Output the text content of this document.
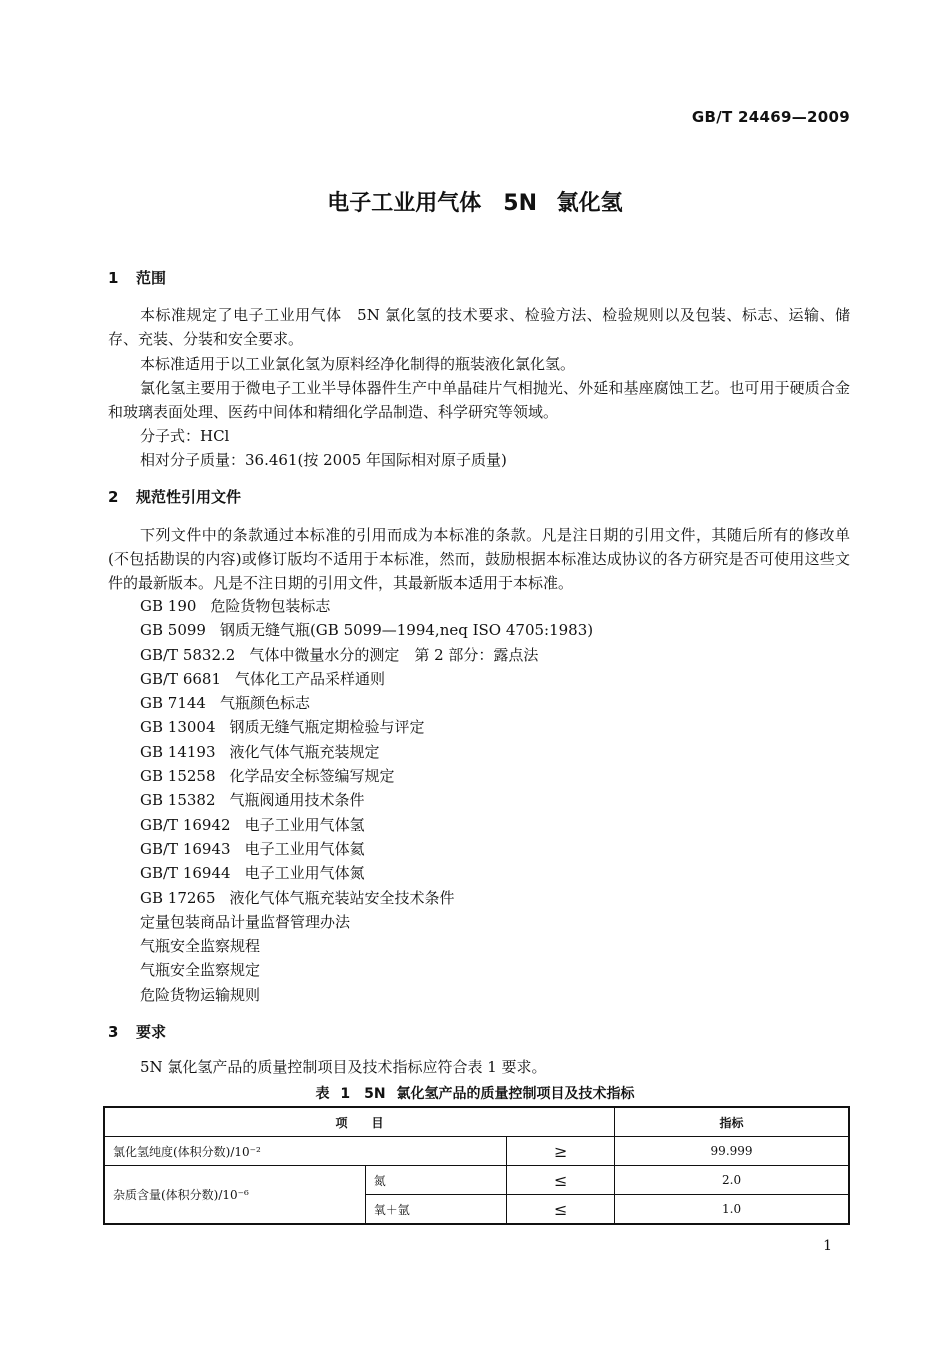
GB/T 24469—2009
电子工业用气体　5N 氯化氢
1 范围
本标准规定了电子工业用气体　5N 氯化氢的技术要求、检验方法、检验规则以及包装、标志、运输、储存、充装、分装和安全要求。
本标准适用于以工业氯化氢为原料经净化制得的瓶装液化氯化氢。
氯化氢主要用于微电子工业半导体器件生产中单晶硅片气相抛光、外延和基座腐蚀工艺。也可用于硬质合金和玻璃表面处理、医药中间体和精细化学品制造、科学研究等领域。
分子式：HCl
相对分子质量：36.461(按 2005 年国际相对原子质量)
2 规范性引用文件
下列文件中的条款通过本标准的引用而成为本标准的条款。凡是注日期的引用文件，其随后所有的修改单(不包括勘误的内容)或修订版均不适用于本标准，然而，鼓励根据本标准达成协议的各方研究是否可使用这些文件的最新版本。凡是不注日期的引用文件，其最新版本适用于本标准。
GB 190 危险货物包装标志
GB 5099 钢质无缝气瓶(GB 5099—1994,neq ISO 4705:1983)
GB/T 5832.2 气体中微量水分的测定　第 2 部分：露点法
GB/T 6681 气体化工产品采样通则
GB 7144 气瓶颜色标志
GB 13004 钢质无缝气瓶定期检验与评定
GB 14193 液化气体气瓶充装规定
GB 15258 化学品安全标签编写规定
GB 15382 气瓶阀通用技术条件
GB/T 16942 电子工业用气体氢
GB/T 16943 电子工业用气体氦
GB/T 16944 电子工业用气体氮
GB 17265 液化气体气瓶充装站安全技术条件
定量包装商品计量监督管理办法
气瓶安全监察规程
气瓶安全监察规定
危险货物运输规则
3 要求
5N 氯化氢产品的质量控制项目及技术指标应符合表 1 要求。
表 1　5N 氯化氢产品的质量控制项目及技术指标
项　　目			指标
氯化氢纯度(体积分数)/10⁻²		≥	99.999
杂质含量(体积分数)/10⁻⁶	氮	≤	2.0
	氧＋氩	≤	1.0
1
